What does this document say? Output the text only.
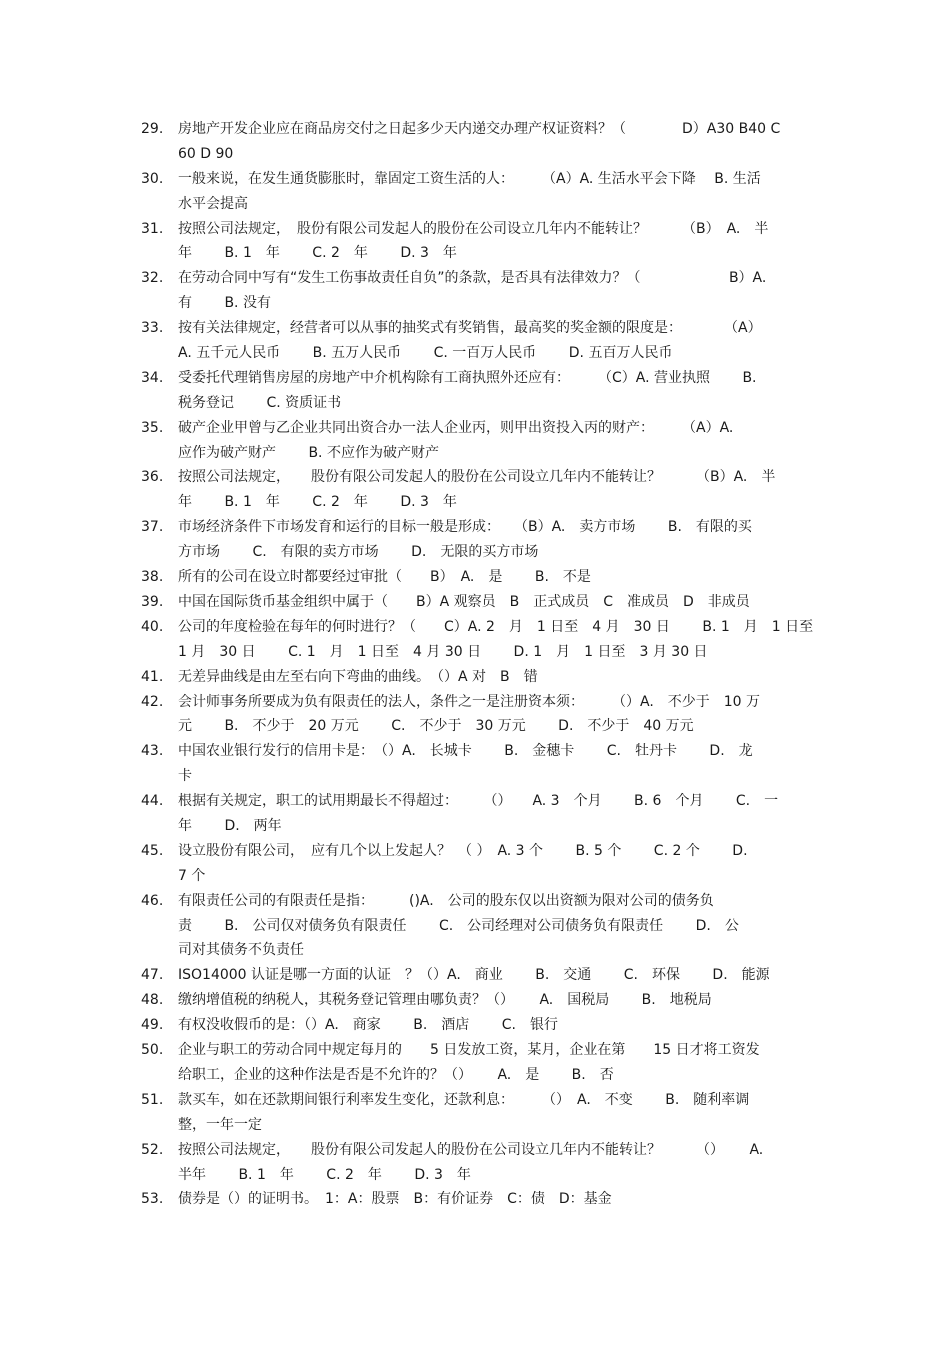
29.	房地产开发企业应在商品房交付之日起多少天内递交办理产权证资料？（　　　　D）A30 B40 C
60 D 90
30.	一般来说，在发生通货膨胀时，靠固定工资生活的人：　　　（A）A. 生活水平会下降　 B. 生活
水平会提高
31.	按照公司法规定，　股份有限公司发起人的股份在公司设立几年内不能转让？　　　（B）　A.　半
年　　 B. 1　年　　 C. 2　年　　 D. 3　年
32.	在劳动合同中写有“发生工伤事故责任自负”的条款，是否具有法律效力？（　　　　　　 B）A.
有　　 B. 没有
33.	按有关法律规定，经营者可以从事的抽奖式有奖销售，最高奖的奖金额的限度是：　　　　（A）
A. 五千元人民币　　 B. 五万人民币　　 C. 一百万人民币　　 D. 五百万人民币
34.	受委托代理销售房屋的房地产中介机构除有工商执照外还应有：　　　（C）A. 营业执照　　 B.
税务登记　　 C. 资质证书
35.	破产企业甲曾与乙企业共同出资合办一法人企业丙，则甲出资投入丙的财产：　　　（A）A.
应作为破产财产　　 B. 不应作为破产财产
36.	按照公司法规定，　　股份有限公司发起人的股份在公司设立几年内不能转让？　　　（B）A.　半
年　　 B. 1　年　　 C. 2　年　　 D. 3　年
37.	市场经济条件下市场发育和运行的目标一般是形成：　　（B）A.　卖方市场　　 B.　有限的买
方市场　　 C.　有限的卖方市场　　 D.　无限的买方市场
38.	所有的公司在设立时都要经过审批（　　B）　A.　是　　 B.　不是
39.	中国在国际货币基金组织中属于（　　B）A 观察员　B　正式成员　C　准成员　D　非成员
40.	公司的年度检验在每年的何时进行？（　　C）A. 2　月　1 日至　4 月　30 日　　 B. 1　月　1 日至
1 月　30 日　　 C. 1　月　1 日至　4 月 30 日　　 D. 1　月　1 日至　3 月 30 日
41.	无差异曲线是由左至右向下弯曲的曲线。　（）A 对　B　错
42.	会计师事务所要成为负有限责任的法人，条件之一是注册资本须：　　　（）A.　不少于　10 万
元　　 B.　不少于　20 万元　　 C.　不少于　30 万元　　 D.　不少于　40 万元
43.	中国农业银行发行的信用卡是：　（）A.　长城卡　　 B.　金穗卡　　 C.　牡丹卡　　 D.　龙
卡
44.	根据有关规定，职工的试用期最长不得超过：　　 （）　　A. 3　个月　　 B. 6　个月　　 C.　一
年　　 D.　两年
45.	设立股份有限公司，　应有几个以上发起人？　（ ）　A. 3 个　　 B. 5 个　　 C. 2 个　　 D.
7 个
46.	有限责任公司的有限责任是指：　　　()A.　公司的股东仅以出资额为限对公司的债务负
责　　 B.　公司仅对债务负有限责任　　 C.　公司经理对公司债务负有限责任　　 D.　公
司对其债务不负责任
47.	ISO14000 认证是哪一方面的认证　？（）A.　商业　　 B.　交通　　 C.　环保　　 D.　能源
48.	缴纳增值税的纳税人，其税务登记管理由哪负责？（）　　 A.　国税局　　 B.　地税局
49.	有权没收假币的是：（）A.　商家　　 B.　酒店　　 C.　银行
50.	企业与职工的劳动合同中规定每月的　　5 日发放工资，某月，企业在第　　15 日才将工资发
给职工，企业的这种作法是否是不允许的？（）　　 A.　是　　 B.　否
51.	款买车，如在还款期间银行利率发生变化，还款利息：　　　（）　A.　不变　　 B.　随利率调
整，一年一定
52.	按照公司法规定，　　股份有限公司发起人的股份在公司设立几年内不能转让？　　　（）　　 A.
半年　　 B. 1　年　　 C. 2　年　　 D. 3　年
53.	债券是（）的证明书。　1：A：股票　B：有价证券　C：债　D：基金
